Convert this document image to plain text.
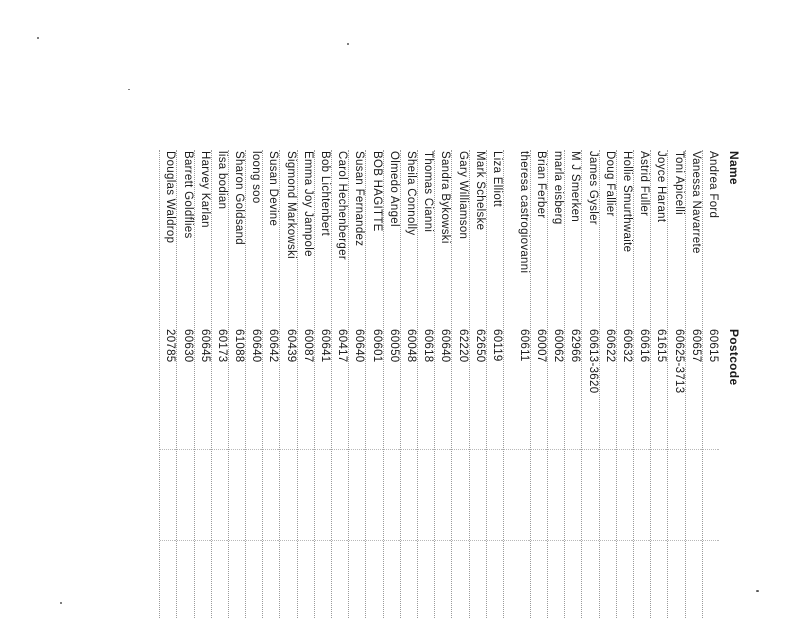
Name
Postcode
Andrea Ford
60615
Vanessa Navarrete
60657
Toni Apicelli
60625-3713
Joyce Harant
61615
Astrid Fuller
60616
Hollie Smurthwaite
60632
Doug Fallier
60622
James Gysler
60613-3620
M J Smerken
62966
marla eisberg
60062
Brian Ferber
60007
theresa castrogiovanni
60611
Liza Elliott
60119
Mark Schelske
62650
Gary Williamson
62220
Sandra Bykowski
60640
Thomas Cianni
60618
Sheila Connolly
60048
Olmedo Angel
60050
BOB HAGITTE
60601
Susan Fernandez
60640
Carol Hechenberger
60417
Bob Lichtenbert
60641
Emma Joy Jampole
60087
Sigmond Markowski
60439
Susan Devine
60642
loong soo
60640
Sharon Goldsand
61088
lisa bodian
60173
Harvey Karlan
60645
Barrett Goldflies
60630
Douglas Waldrop
20785
